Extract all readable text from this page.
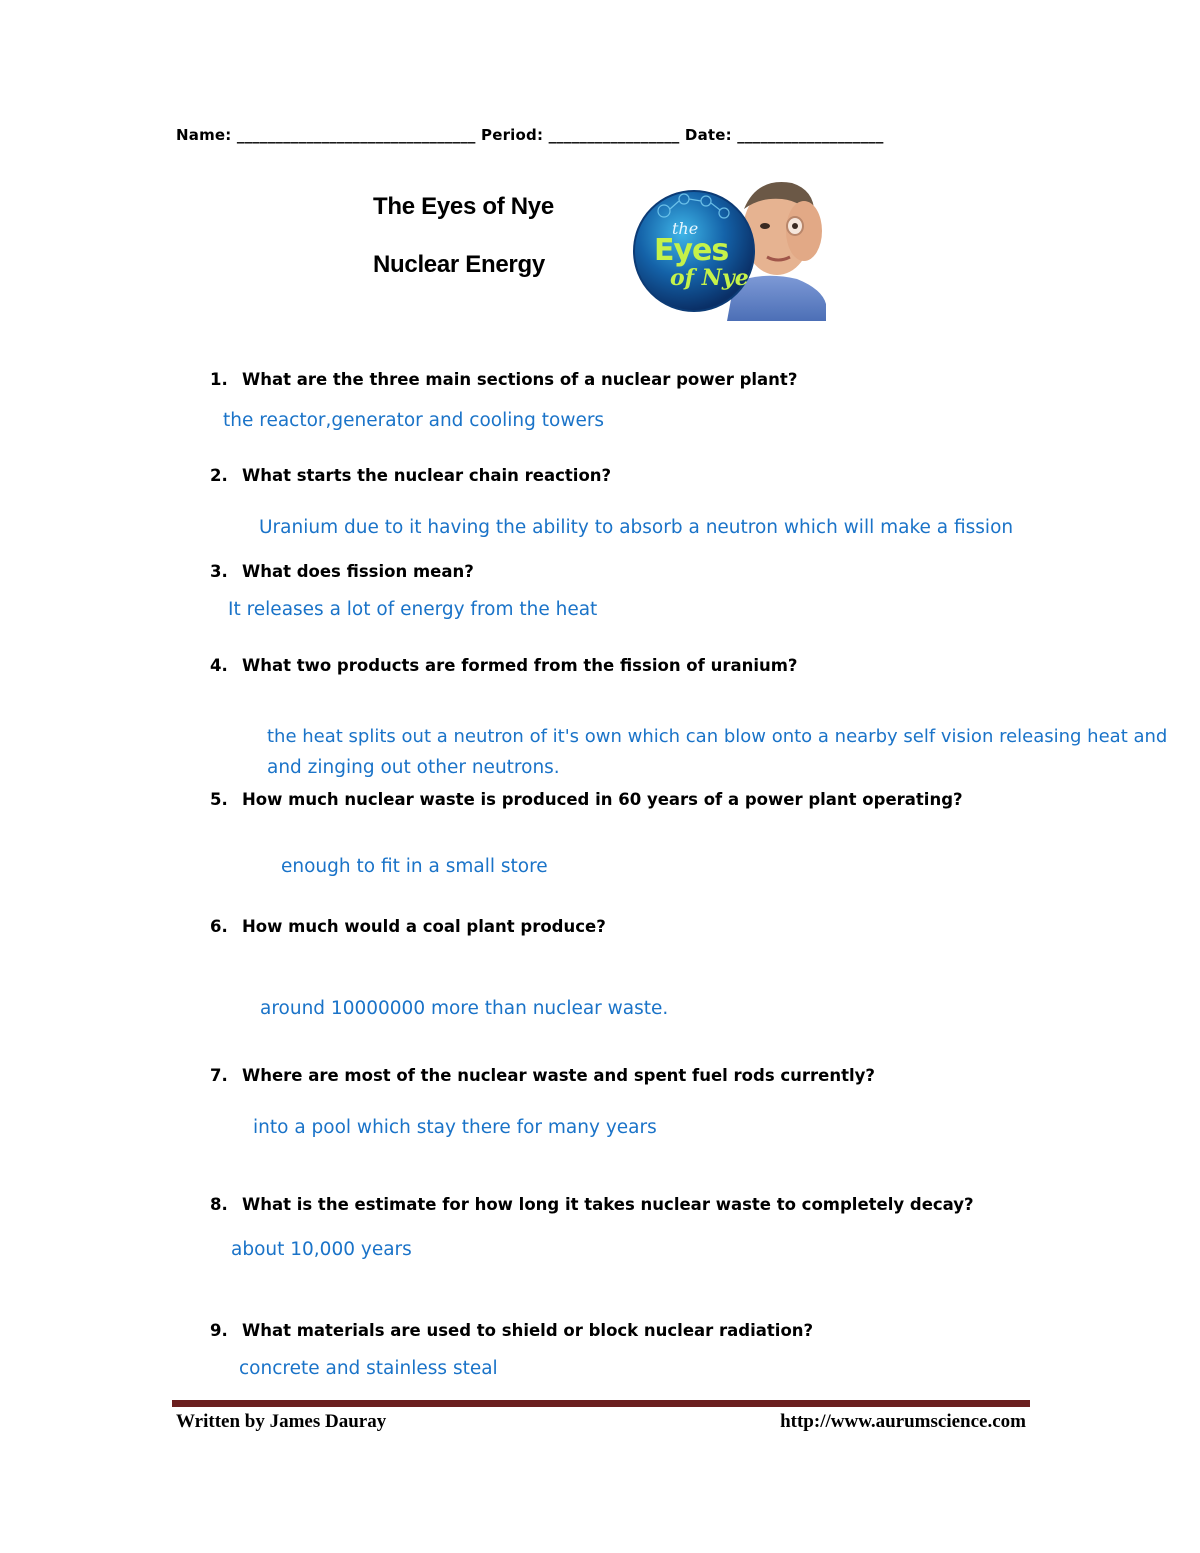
Name: _______________________________ Period: _________________ Date: ___________________
The Eyes of Nye
Nuclear Energy
the
Eyes
of Nye
1. What are the three main sections of a nuclear power plant?
the reactor,generator and cooling towers
2. What starts the nuclear chain reaction?
Uranium due to it having the ability to absorb a neutron which will make a fission
3. What does fission mean?
It releases a lot of energy from the heat
4. What two products are formed from the fission of uranium?
the heat splits out a neutron of it's own which can blow onto a nearby self vision releasing heat and
and zinging out other neutrons.
5. How much nuclear waste is produced in 60 years of a power plant operating?
enough to fit in a small store
6. How much would a coal plant produce?
around 10000000 more than nuclear waste.
7. Where are most of the nuclear waste and spent fuel rods currently?
into a pool which stay there for many years
8. What is the estimate for how long it takes nuclear waste to completely decay?
about 10,000 years
9. What materials are used to shield or block nuclear radiation?
concrete and stainless steal
Written by James Dauray	http://www.aurumscience.com
